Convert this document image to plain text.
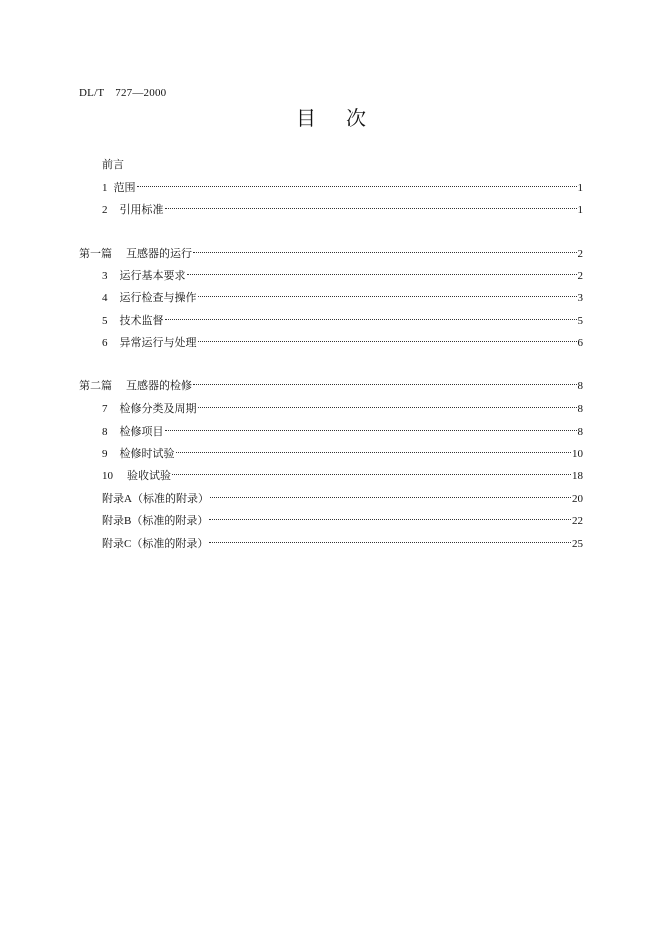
DL/T　727—2000
目 次
前言
1 范围	1
2 引用标准	1
第一篇 互感器的运行	2
3 运行基本要求	2
4 运行检查与操作	3
5 技术监督	5
6 异常运行与处理	6
第二篇 互感器的检修	8
7 检修分类及周期	8
8 检修项目	8
9 检修时试验	10
10 验收试验	18
附录A（标准的附录）	20
附录B（标准的附录）	22
附录C（标准的附录）	25
